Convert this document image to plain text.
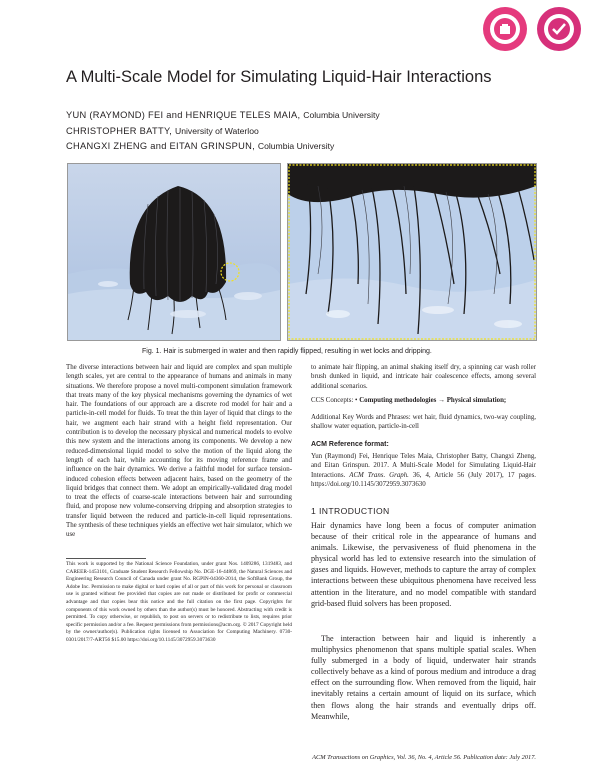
A Multi-Scale Model for Simulating Liquid-Hair Interactions
YUN (RAYMOND) FEI and HENRIQUE TELES MAIA, Columbia University
CHRISTOPHER BATTY, University of Waterloo
CHANGXI ZHENG and EITAN GRINSPUN, Columbia University
Fig. 1. Hair is submerged in water and then rapidly flipped, resulting in wet locks and dripping.
The diverse interactions between hair and liquid are complex and span multiple length scales, yet are central to the appearance of humans and animals in many situations. We therefore propose a novel multi-component simulation framework that treats many of the key physical mechanisms governing the dynamics of wet hair. The foundations of our approach are a discrete rod model for hair and a particle-in-cell model for fluids. To treat the thin layer of liquid that clings to the hair, we augment each hair strand with a height field representation. Our contribution is to develop the necessary physical and numerical models to evolve this new system and the interactions among its components. We develop a new reduced-dimensional liquid model to solve the motion of the liquid along the length of each hair, while accounting for its moving reference frame and influence on the hair dynamics. We derive a faithful model for surface tension-induced cohesion effects between adjacent hairs, based on the geometry of the liquid bridges that connect them. We adopt an empirically-validated drag model to treat the effects of coarse-scale interactions between hair and surrounding fluid, and propose new volume-conserving dripping and absorption strategies to transfer liquid between the reduced and particle-in-cell liquid representations. The synthesis of these techniques yields an effective wet hair simulator, which we use
to animate hair flipping, an animal shaking itself dry, a spinning car wash roller brush dunked in liquid, and intricate hair coalescence effects, among several additional scenarios.
CCS Concepts: • Computing methodologies → Physical simulation;
Additional Key Words and Phrases: wet hair, fluid dynamics, two-way coupling, shallow water equation, particle-in-cell
ACM Reference format:
Yun (Raymond) Fei, Henrique Teles Maia, Christopher Batty, Changxi Zheng, and Eitan Grinspun. 2017. A Multi-Scale Model for Simulating Liquid-Hair Interactions. ACM Trans. Graph. 36, 4, Article 56 (July 2017), 17 pages. https://doi.org/10.1145/3072959.3073630
1 INTRODUCTION
Hair dynamics have long been a focus of computer animation because of their critical role in the appearance of humans and animals. Likewise, the pervasiveness of fluid phenomena in the physical world has led to extensive research into the simulation of gases and liquids. However, methods to capture the array of complex interactions between these ubiquitous phenomena have received less attention in the literature, and no model compatible with standard grid-based fluid solvers has been proposed.
The interaction between hair and liquid is inherently a multiphysics phenomenon that spans multiple spatial scales. When fully submerged in a body of liquid, underwater hair strands collectively behave as a kind of porous medium and introduce a drag effect on the surrounding flow. When removed from the liquid, hair inevitably retains a certain amount of liquid on its surface, which then flows along the hair strands and eventually drips off. Meanwhile,
This work is supported by the National Science Foundation, under grant Nos. 1409286, 1319483, and CAREER-1453101, Graduate Student Research Fellowship No. DGE-16-44869, the Natural Sciences and Engineering Research Council of Canada under grant No. RGPIN-04360-2014, the SoftBank Group, the Adobe Inc. Permission to make digital or hard copies of all or part of this work for personal or classroom use is granted without fee provided that copies are not made or distributed for profit or commercial advantage and that copies bear this notice and the full citation on the first page. Copyrights for components of this work owned by others than the author(s) must be honored. Abstracting with credit is permitted. To copy otherwise, or republish, to post on servers or to redistribute to lists, requires prior specific permission and/or a fee. Request permissions from permissions@acm.org. © 2017 Copyright held by the owner/author(s). Publication rights licensed to Association for Computing Machinery. 0730-0301/2017/7-ART56 $15.00 https://doi.org/10.1145/3072959.3073630
ACM Transactions on Graphics, Vol. 36, No. 4, Article 56. Publication date: July 2017.
